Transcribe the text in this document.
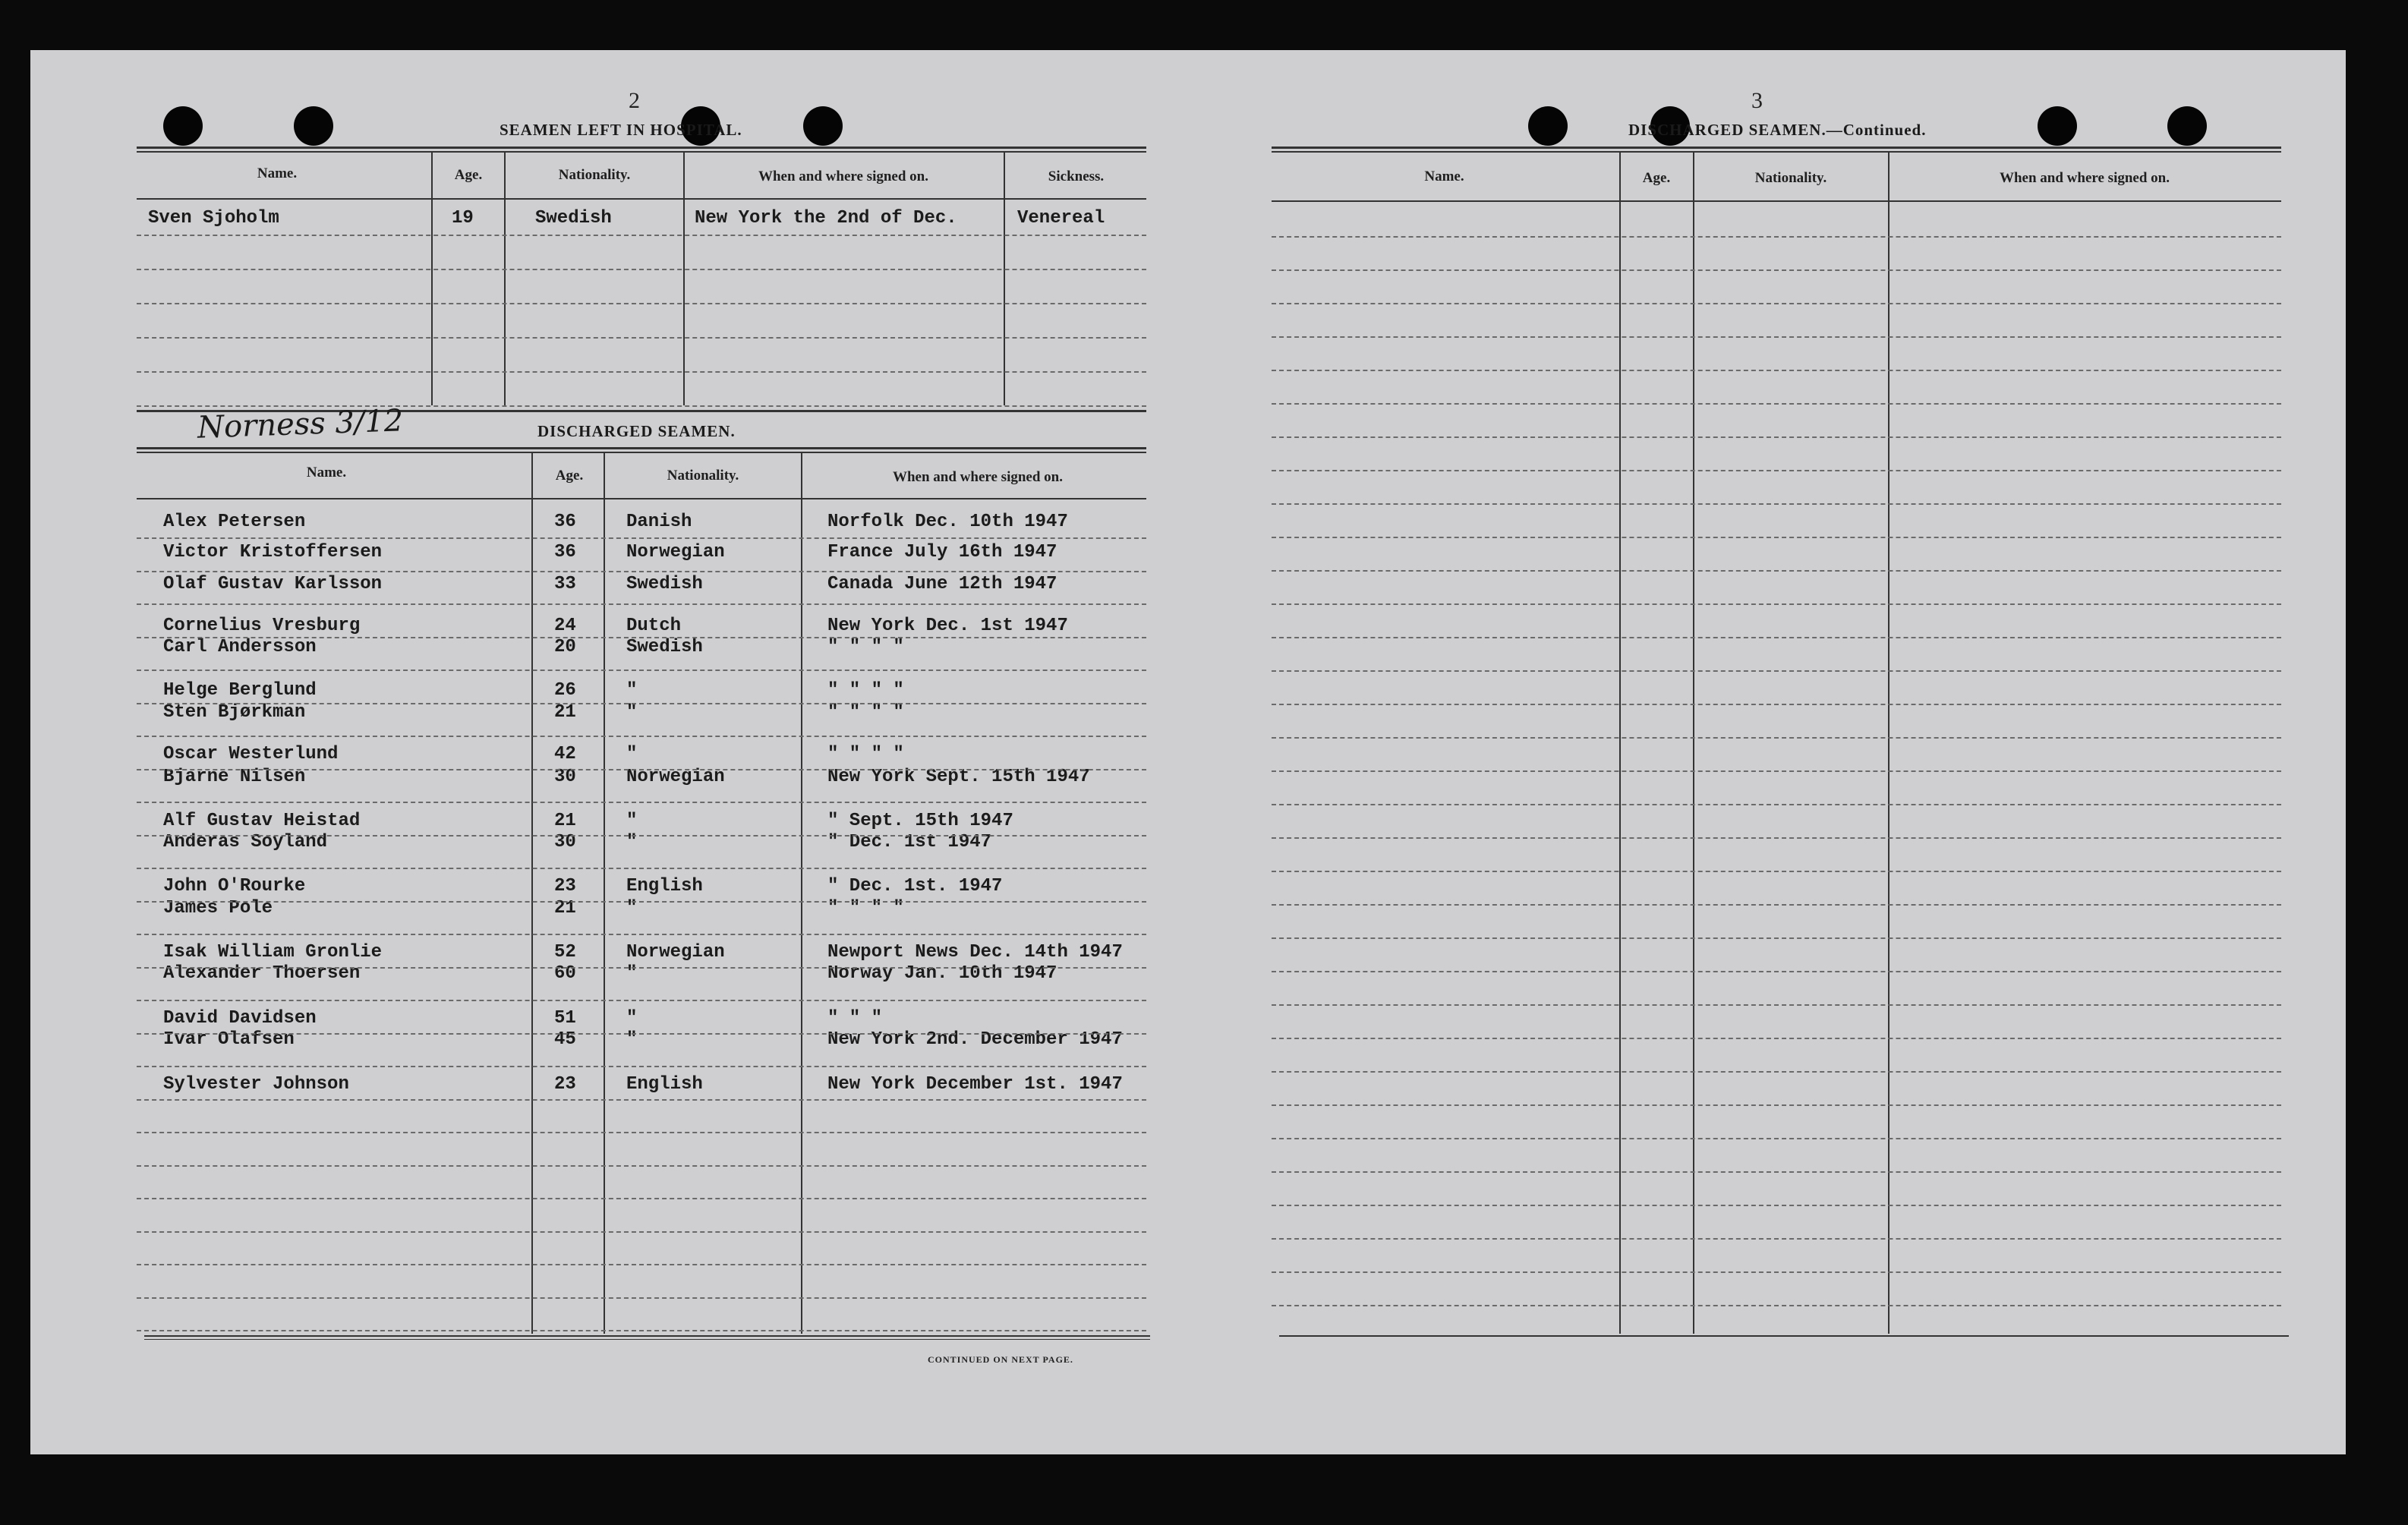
2
SEAMEN LEFT IN HOSPITAL.
Name.	Age.	Nationality.	When and where signed on.	Sickness.
Sven Sjoholm	19	Swedish	New York the 2nd of Dec.	Venereal
Norness 3/12	DISCHARGED SEAMEN.
Name.	Age.	Nationality.	When and where signed on.
Alex Petersen	36	Danish	Norfolk Dec. 10th 1947
Victor Kristoffersen	36	Norwegian	France July 16th 1947
Olaf Gustav Karlsson	33	Swedish	Canada June 12th 1947
Cornelius Vresburg	24	Dutch	New York Dec. 1st 1947
Carl Andersson	20	Swedish	" " " "
Helge Berglund	26	"	" " " "
Sten Bjørkman	21	"	" " " "
Oscar Westerlund	42	"	" " " "
Bjarne Nilsen	30	Norwegian	New York Sept. 15th 1947
Alf Gustav Heistad	21	"	" Sept. 15th 1947
Anderas Soyland	30	"	" Dec. 1st 1947
John O'Rourke	23	English	" Dec. 1st. 1947
James Pole	21	"	" " " "
Isak William Gronlie	52	Norwegian	Newport News Dec. 14th 1947
Alexander Thoersen	60	"	Norway Jan. 10th 1947
David Davidsen	51	"	" " "
Ivar Olafsen	45	"	New York 2nd. December 1947
Sylvester Johnson	23	English	New York December 1st. 1947
CONTINUED ON NEXT PAGE.
3
DISCHARGED SEAMEN.—Continued.
Name.	Age.	Nationality.	When and where signed on.
